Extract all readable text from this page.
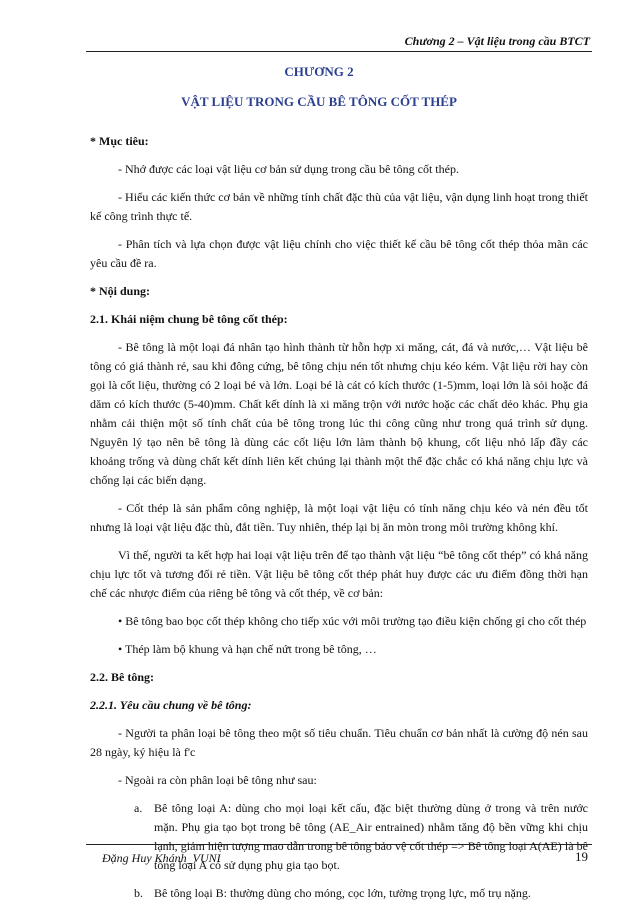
Chương 2 – Vật liệu trong cầu BTCT
CHƯƠNG 2
VẬT LIỆU TRONG CẦU BÊ TÔNG CỐT THÉP

* Mục tiêu:

- Nhớ được các loại vật liệu cơ bản sử dụng trong cầu bê tông cốt thép.

- Hiểu các kiến thức cơ bản về những tính chất đặc thù của vật liệu, vận dụng linh hoạt trong thiết kế công trình thực tế.

- Phân tích và lựa chọn được vật liệu chính cho việc thiết kế cầu bê tông cốt thép thỏa mãn các yêu cầu đề ra.

* Nội dung:

2.1. Khái niệm chung bê tông cốt thép:

- Bê tông là một loại đá nhân tạo hình thành từ hỗn hợp xi măng, cát, đá và nước,… Vật liệu bê tông có giá thành rẻ, sau khi đông cứng, bê tông chịu nén tốt nhưng chịu kéo kém. Vật liệu rời hay còn gọi là cốt liệu, thường có 2 loại bé và lớn. Loại bé là cát có kích thước (1-5)mm, loại lớn là sỏi hoặc đá dăm có kích thước (5-40)mm. Chất kết dính là xi măng trộn với nước hoặc các chất dẻo khác. Phụ gia nhằm cải thiện một số tính chất của bê tông trong lúc thi công cũng như trong quá trình sử dụng. Nguyên lý tạo nên bê tông là dùng các cốt liệu lớn làm thành bộ khung, cốt liệu nhỏ lấp đầy các khoảng trống và dùng chất kết dính liên kết chúng lại thành một thể đặc chắc có khả năng chịu lực và chống lại các biến dạng.

- Cốt thép là sản phẩm công nghiệp, là một loại vật liệu có tính năng chịu kéo và nén đều tốt nhưng là loại vật liệu đặc thù, đắt tiền. Tuy nhiên, thép lại bị ăn mòn trong môi trường không khí.

Vì thế, người ta kết hợp hai loại vật liệu trên để tạo thành vật liệu “bê tông cốt thép” có khả năng chịu lực tốt và tương đối rẻ tiền. Vật liệu bê tông cốt thép phát huy được các ưu điểm đồng thời hạn chế các nhược điểm của riêng bê tông và cốt thép, về cơ bản:

• Bê tông bao bọc cốt thép không cho tiếp xúc với môi trường tạo điều kiện chống gỉ cho cốt thép

• Thép làm bộ khung và hạn chế nứt trong bê tông, …

2.2. Bê tông:

2.2.1. Yêu cầu chung về bê tông:

- Người ta phân loại bê tông theo một số tiêu chuẩn. Tiêu chuẩn cơ bản nhất là cường độ nén sau 28 ngày, ký hiệu là f'c

- Ngoài ra còn phân loại bê tông như sau:

a. Bê tông loại A: dùng cho mọi loại kết cấu, đặc biệt thường dùng ở trong và trên nước mặn. Phụ gia tạo bọt trong bê tông (AE_Air entrained) nhằm tăng độ bền vững khi chịu lạnh, giảm hiện tượng mao dẫn trong bê tông bảo vệ cốt thép => Bê tông loại A(AE) là bê tông loại A có sử dụng phụ gia tạo bọt.
b. Bê tông loại B: thường dùng cho móng, cọc lớn, tường trọng lực, mố trụ nặng.
Đặng Huy Khánh_VUNI	19
